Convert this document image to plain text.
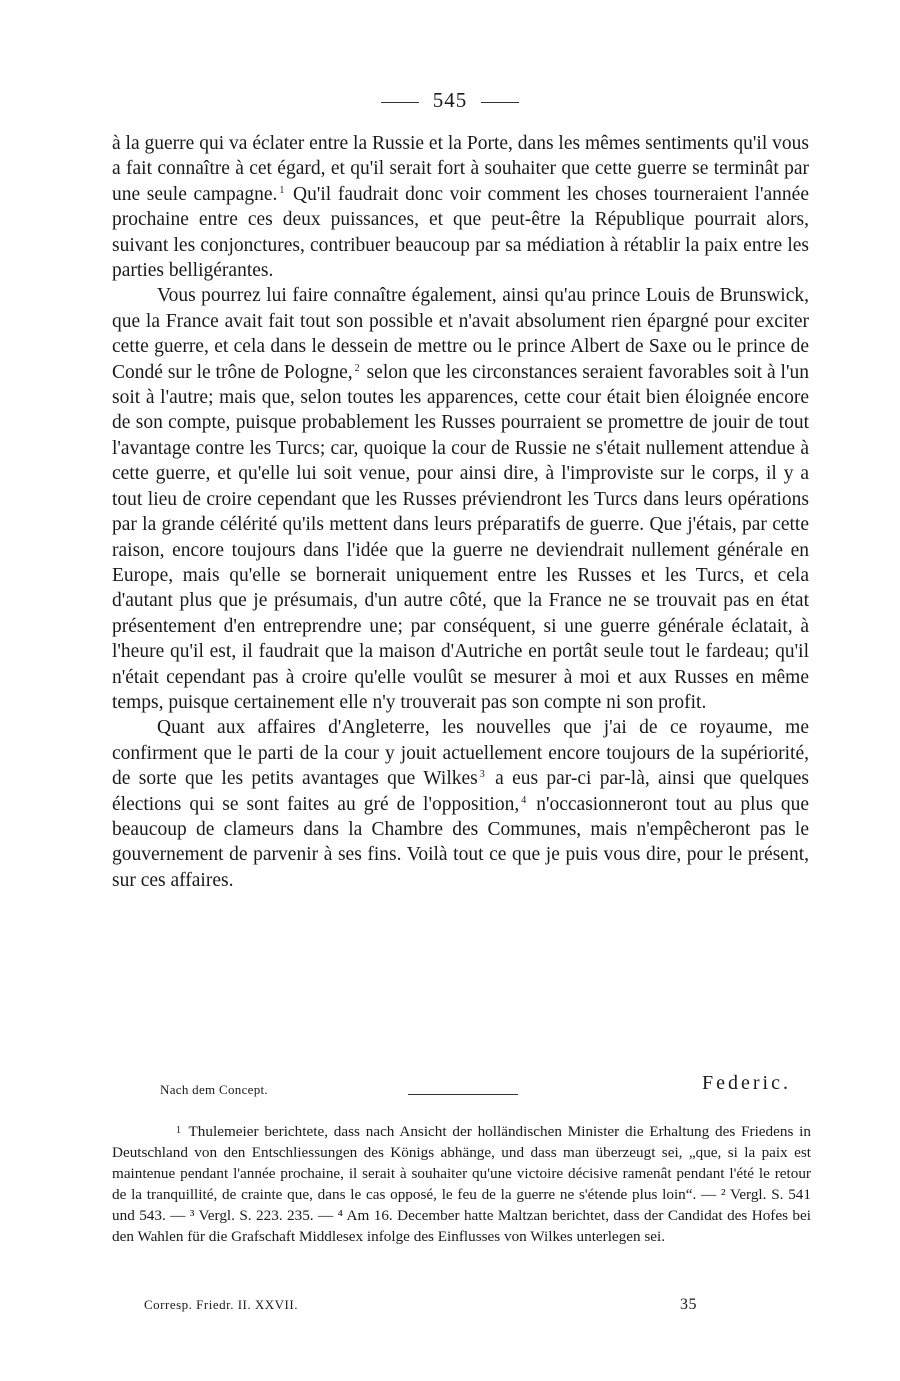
545

à la guerre qui va éclater entre la Russie et la Porte, dans les mêmes sentiments qu'il vous a fait connaître à cet égard, et qu'il serait fort à souhaiter que cette guerre se terminât par une seule campagne. $^1$ Qu'il faudrait donc voir comment les choses tourneraient l'année prochaine entre ces deux puissances, et que peut-être la République pourrait alors, suivant les conjonctures, contribuer beaucoup par sa médiation à rétablir la paix entre les parties belligérantes.

Vous pourrez lui faire connaître également, ainsi qu'au prince Louis de Brunswick, que la France avait fait tout son possible et n'avait absolument rien épargné pour exciter cette guerre, et cela dans le dessein de mettre ou le prince Albert de Saxe ou le prince de Condé sur le trône de Pologne, $^2$ selon que les circonstances seraient favorables soit à l'un soit à l'autre; mais que, selon toutes les apparences, cette cour était bien éloignée encore de son compte, puisque probablement les Russes pourraient se promettre de jouir de tout l'avantage contre les Turcs; car, quoique la cour de Russie ne s'était nullement attendue à cette guerre, et qu'elle lui soit venue, pour ainsi dire, à l'improviste sur le corps, il y a tout lieu de croire cependant que les Russes préviendront les Turcs dans leurs opérations par la grande célérité qu'ils mettent dans leurs préparatifs de guerre. Que j'étais, par cette raison, encore toujours dans l'idée que la guerre ne deviendrait nullement générale en Europe, mais qu'elle se bornerait uniquement entre les Russes et les Turcs, et cela d'autant plus que je présumais, d'un autre côté, que la France ne se trouvait pas en état présentement d'en entreprendre une; par conséquent, si une guerre générale éclatait, à l'heure qu'il est, il faudrait que la maison d'Autriche en portât seule tout le fardeau; qu'il n'était cependant pas à croire qu'elle voulût se mesurer à moi et aux Russes en même temps, puisque certainement elle n'y trouverait pas son compte ni son profit.

Quant aux affaires d'Angleterre, les nouvelles que j'ai de ce royaume, me confirment que le parti de la cour y jouit actuellement encore toujours de la supériorité, de sorte que les petits avantages que Wilkes $^3$ a eus par-ci par-là, ainsi que quelques élections qui se sont faites au gré de l'opposition, $^4$ n'occasionneront tout au plus que beaucoup de clameurs dans la Chambre des Communes, mais n'empêcheront pas le gouvernement de parvenir à ses fins. Voilà tout ce que je puis vous dire, pour le présent, sur ces affaires.

Nach dem Concept.	Federic.

1 Thulemeier berichtete, dass nach Ansicht der holländischen Minister die Erhaltung des Friedens in Deutschland von den Entschliessungen des Königs abhänge, und dass man überzeugt sei, „que, si la paix est maintenue pendant l'année prochaine, il serait à souhaiter qu'une victoire décisive ramenât pendant l'été le retour de la tranquillité, de crainte que, dans le cas opposé, le feu de la guerre ne s'étende plus loin“. — ² Vergl. S. 541 und 543. — ³ Vergl. S. 223. 235. — ⁴ Am 16. December hatte Maltzan berichtet, dass der Candidat des Hofes bei den Wahlen für die Grafschaft Middlesex infolge des Einflusses von Wilkes unterlegen sei.

Corresp. Friedr. II. XXVII.	35
